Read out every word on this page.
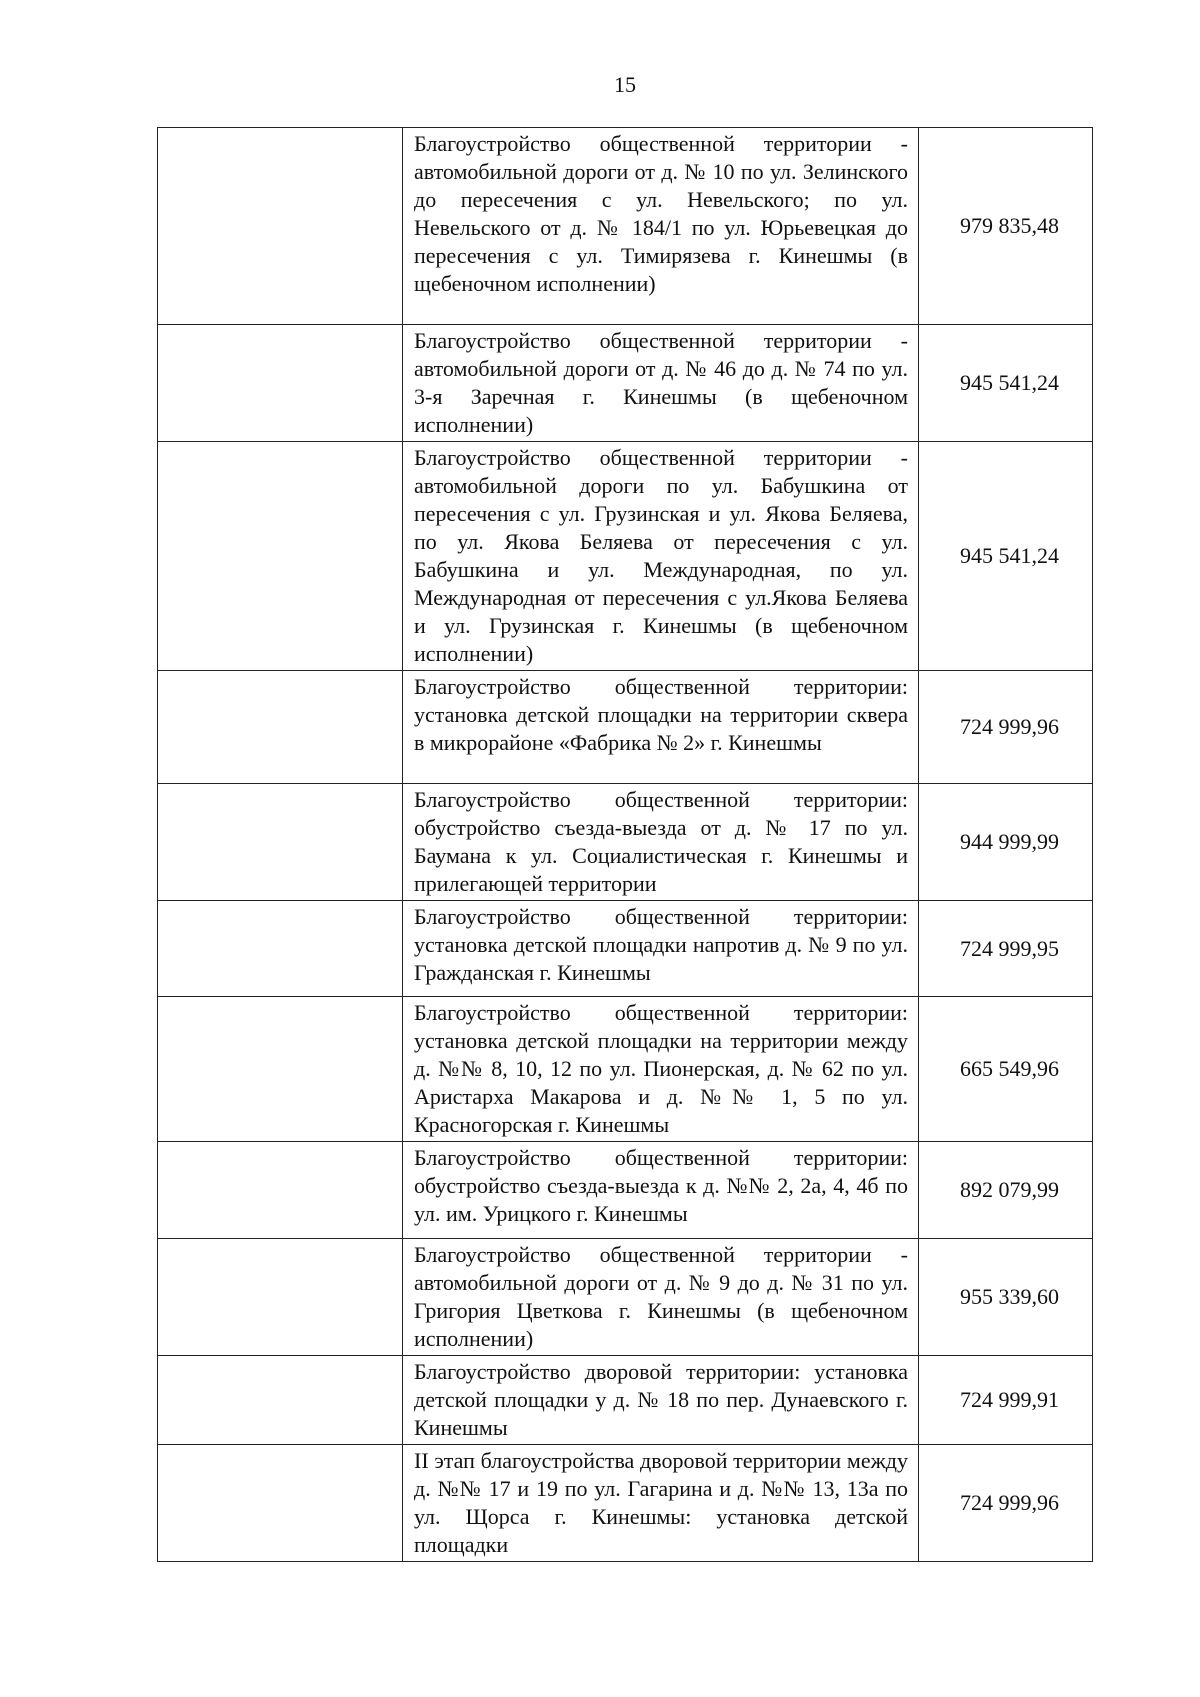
15
	Благоустройство общественной территории - автомобильной дороги от д. № 10 по ул. Зелинского до пересечения с ул. Невельского; по ул. Невельского от д. № 184/1 по ул. Юрьевецкая до пересечения с ул. Тимирязева г. Кинешмы (в щебеночном исполнении)	979 835,48
	Благоустройство общественной территории - автомобильной дороги от д. № 46 до д. № 74 по ул. 3-я Заречная г. Кинешмы (в щебеночном исполнении)	945 541,24
	Благоустройство общественной территории - автомобильной дороги по ул. Бабушкина от пересечения с ул. Грузинская и ул. Якова Беляева, по ул. Якова Беляева от пересечения с ул. Бабушкина и ул. Международная, по ул. Международная от пересечения с ул.Якова Беляева и ул. Грузинская г. Кинешмы (в щебеночном исполнении)	945 541,24
	Благоустройство общественной территории: установка детской площадки на территории сквера в микрорайоне «Фабрика № 2» г. Кинешмы	724 999,96
	Благоустройство общественной территории: обустройство съезда-выезда от д. № 17 по ул. Баумана к ул. Социалистическая г. Кинешмы и прилегающей территории	944 999,99
	Благоустройство общественной территории: установка детской площадки напротив д. № 9 по ул. Гражданская г. Кинешмы	724 999,95
	Благоустройство общественной территории: установка детской площадки на территории между д. №№ 8, 10, 12 по ул. Пионерская, д. № 62 по ул. Аристарха Макарова и д. №№ 1, 5 по ул. Красногорская г. Кинешмы	665 549,96
	Благоустройство общественной территории: обустройство съезда-выезда к д. №№ 2, 2а, 4, 4б по ул. им. Урицкого г. Кинешмы	892 079,99
	Благоустройство общественной территории - автомобильной дороги от д. № 9 до д. № 31 по ул. Григория Цветкова г. Кинешмы (в щебеночном исполнении)	955 339,60
	Благоустройство дворовой территории: установка детской площадки у д. № 18 по пер. Дунаевского г. Кинешмы	724 999,91
	II этап благоустройства дворовой территории между д. №№ 17 и 19 по ул. Гагарина и д. №№ 13, 13а по ул. Щорса г. Кинешмы: установка детской площадки	724 999,96
